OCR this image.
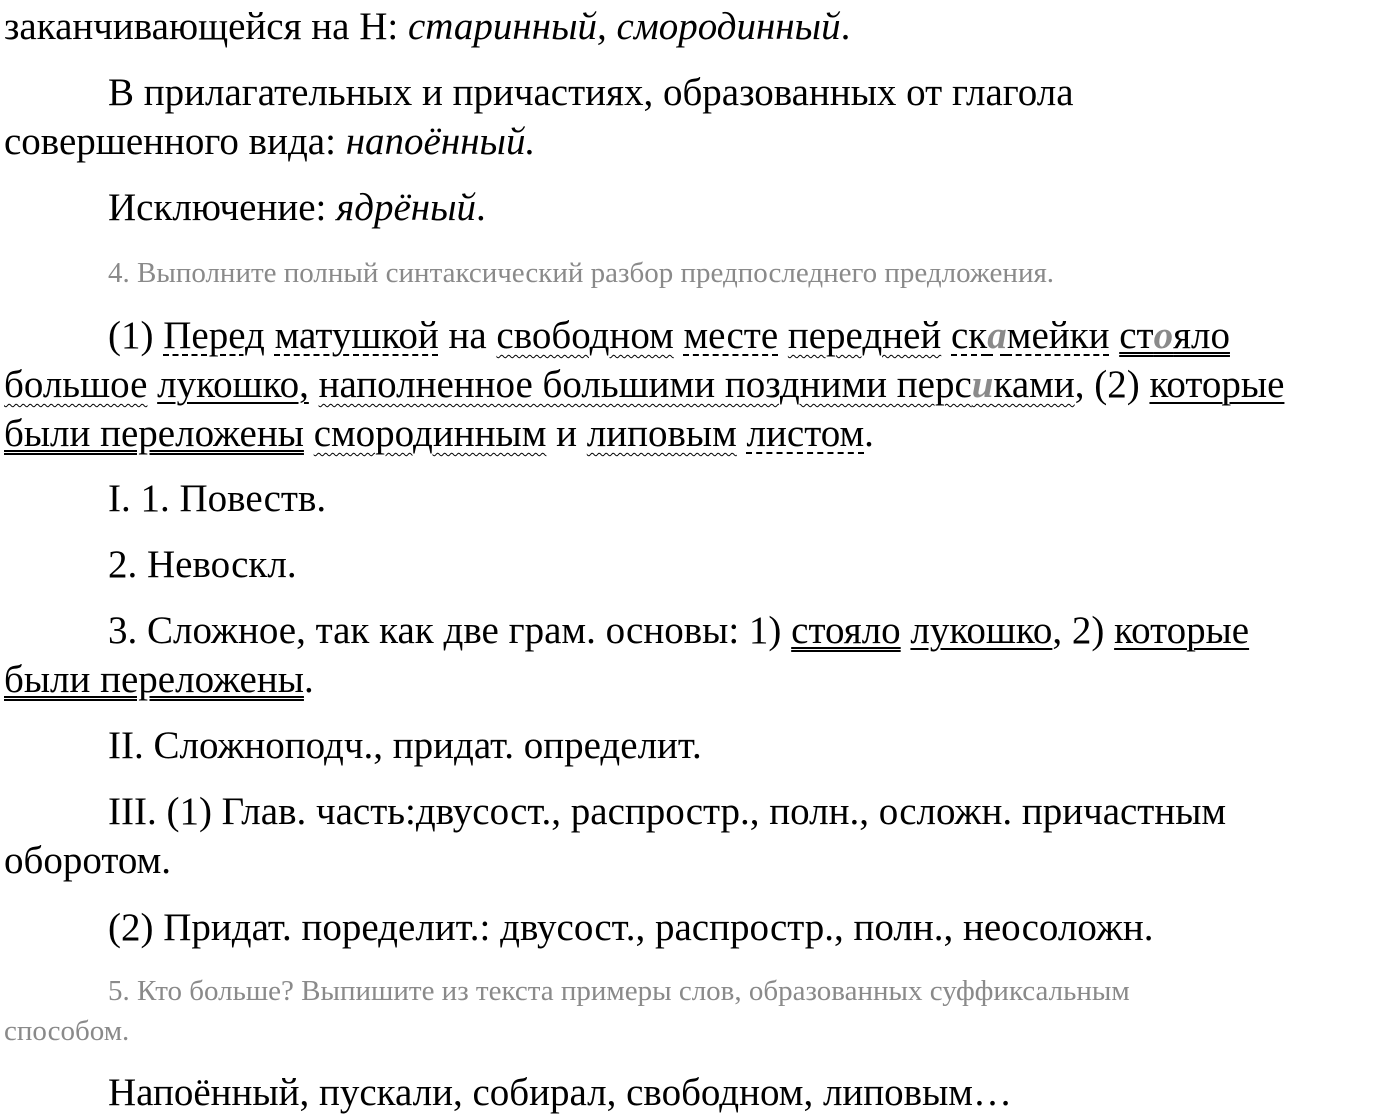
заканчивающейся на Н: старинный, смородинный.
В прилагательных и причастиях, образованных от глагола
совершенного вида: напоённый.
Исключение: ядрёный.
4. Выполните полный синтаксический разбор предпоследнего предложения.
(1) Перед матушкой на свободном месте передней скамейки стояло
большое лукошко, наполненное большими поздними персиками, (2) которые
были переложены смородинным и липовым листом.
I. 1. Повеств.
2. Невоскл.
3. Сложное, так как две грам. основы: 1) стояло лукошко, 2) которые
были переложены.
II. Сложноподч., придат. определит.
III. (1) Глав. часть:двусост., распростр., полн., осложн. причастным
оборотом.
(2) Придат. поределит.: двусост., распростр., полн., неосоложн.
5. Кто больше? Выпишите из текста примеры слов, образованных суффиксальным
способом.
Напоённый, пускали, собирал, свободном, липовым…
